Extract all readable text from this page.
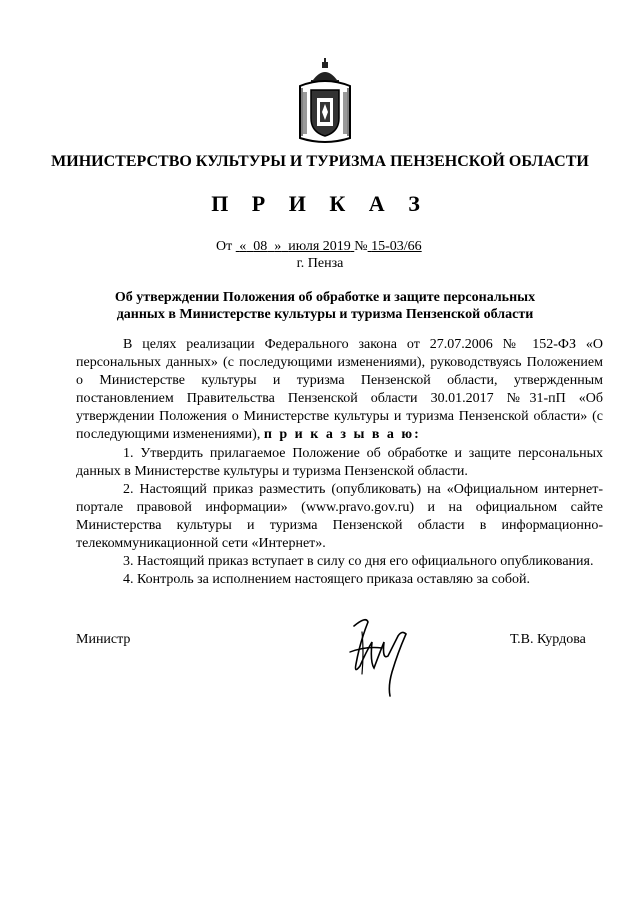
МИНИСТЕРСТВО КУЛЬТУРЫ И ТУРИЗМА ПЕНЗЕНСКОЙ ОБЛАСТИ
П Р И К А З
От « 08 » июля 2019 № 15-03/66
г. Пенза
Об утверждении Положения об обработке и защите персональных данных в Министерстве культуры и туризма Пензенской области

В целях реализации Федерального закона от 27.07.2006 № 152-ФЗ «О персональных данных» (с последующими изменениями), руководствуясь Положением о Министерстве культуры и туризма Пензенской области, утвержденным постановлением Правительства Пензенской области 30.01.2017 №31-пП «Об утверждении Положения о Министерстве культуры и туризма Пензенской области» (с последующими изменениями), п р и к а з ы в а ю:

1. Утвердить прилагаемое Положение об обработке и защите персональных данных в Министерстве культуры и туризма Пензенской области.

2. Настоящий приказ разместить (опубликовать) на «Официальном интернет-портале правовой информации» (www.pravo.gov.ru) и на официальном сайте Министерства культуры и туризма Пензенской области в информационно-телекоммуникационной сети «Интернет».

3. Настоящий приказ вступает в силу со дня его официального опубликования.

4. Контроль за исполнением настоящего приказа оставляю за собой.

Министр	Т.В. Курдова
